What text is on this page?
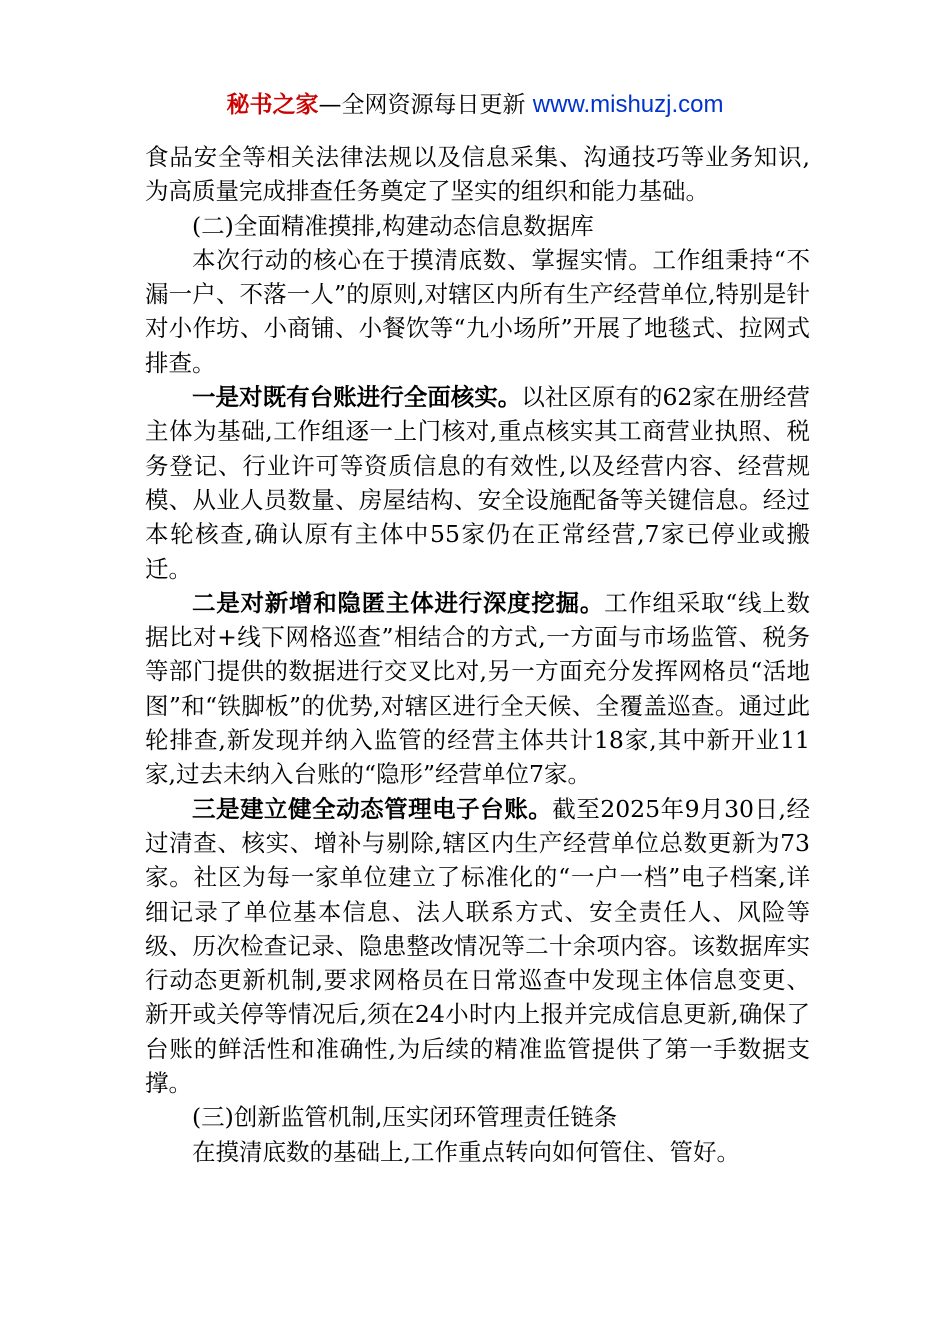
秘书之家—全网资源每日更新 www.mishuzj.com

食品安全等相关法律法规以及信息采集、沟通技巧等业务知识,为高质量完成排查任务奠定了坚实的组织和能力基础。

(二)全面精准摸排,构建动态信息数据库

本次行动的核心在于摸清底数、掌握实情。工作组秉持“不漏一户、不落一人”的原则,对辖区内所有生产经营单位,特别是针对小作坊、小商铺、小餐饮等“九小场所”开展了地毯式、拉网式排查。

一是对既有台账进行全面核实。以社区原有的62家在册经营主体为基础,工作组逐一上门核对,重点核实其工商营业执照、税务登记、行业许可等资质信息的有效性,以及经营内容、经营规模、从业人员数量、房屋结构、安全设施配备等关键信息。经过本轮核查,确认原有主体中55家仍在正常经营,7家已停业或搬迁。

二是对新增和隐匿主体进行深度挖掘。工作组采取“线上数据比对+线下网格巡查”相结合的方式,一方面与市场监管、税务等部门提供的数据进行交叉比对,另一方面充分发挥网格员“活地图”和“铁脚板”的优势,对辖区进行全天候、全覆盖巡查。通过此轮排查,新发现并纳入监管的经营主体共计18家,其中新开业11家,过去未纳入台账的“隐形”经营单位7家。

三是建立健全动态管理电子台账。截至2025年9月30日,经过清查、核实、增补与剔除,辖区内生产经营单位总数更新为73家。社区为每一家单位建立了标准化的“一户一档”电子档案,详细记录了单位基本信息、法人联系方式、安全责任人、风险等级、历次检查记录、隐患整改情况等二十余项内容。该数据库实行动态更新机制,要求网格员在日常巡查中发现主体信息变更、新开或关停等情况后,须在24小时内上报并完成信息更新,确保了台账的鲜活性和准确性,为后续的精准监管提供了第一手数据支撑。

(三)创新监管机制,压实闭环管理责任链条

在摸清底数的基础上,工作重点转向如何管住、管好。
